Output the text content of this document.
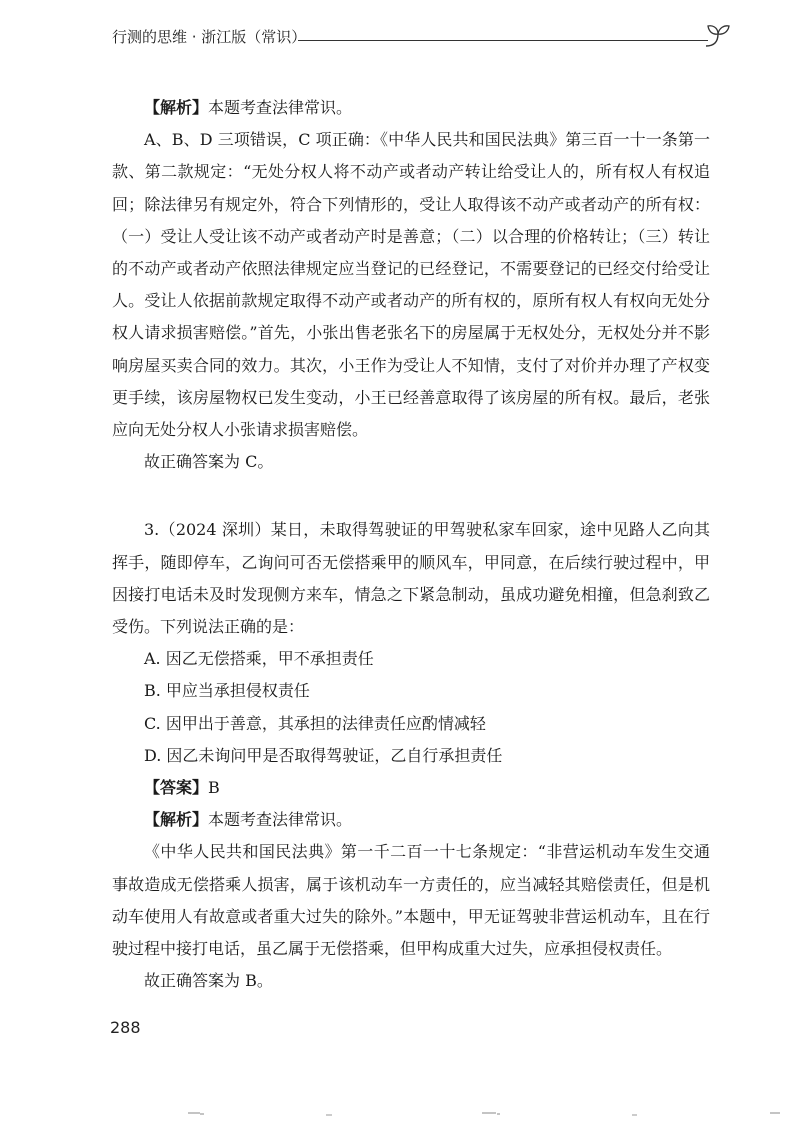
行测的思维 · 浙江版（常识）

【解析】本题考查法律常识。

A、B、D 三项错误，C 项正确：《中华人民共和国民法典》第三百一十一条第一款、第二款规定：“无处分权人将不动产或者动产转让给受让人的，所有权人有权追回；除法律另有规定外，符合下列情形的，受让人取得该不动产或者动产的所有权：（一）受让人受让该不动产或者动产时是善意；（二）以合理的价格转让；（三）转让的不动产或者动产依照法律规定应当登记的已经登记，不需要登记的已经交付给受让人。受让人依据前款规定取得不动产或者动产的所有权的，原所有权人有权向无处分权人请求损害赔偿。”首先，小张出售老张名下的房屋属于无权处分，无权处分并不影响房屋买卖合同的效力。其次，小王作为受让人不知情，支付了对价并办理了产权变更手续，该房屋物权已发生变动，小王已经善意取得了该房屋的所有权。最后，老张应向无处分权人小张请求损害赔偿。

故正确答案为 C。

3.（2024 深圳）某日，未取得驾驶证的甲驾驶私家车回家，途中见路人乙向其挥手，随即停车，乙询问可否无偿搭乘甲的顺风车，甲同意，在后续行驶过程中，甲因接打电话未及时发现侧方来车，情急之下紧急制动，虽成功避免相撞，但急刹致乙受伤。下列说法正确的是：

A. 因乙无偿搭乘，甲不承担责任

B. 甲应当承担侵权责任

C. 因甲出于善意，其承担的法律责任应酌情减轻

D. 因乙未询问甲是否取得驾驶证，乙自行承担责任

【答案】B

【解析】本题考查法律常识。

《中华人民共和国民法典》第一千二百一十七条规定：“非营运机动车发生交通事故造成无偿搭乘人损害，属于该机动车一方责任的，应当减轻其赔偿责任，但是机动车使用人有故意或者重大过失的除外。”本题中，甲无证驾驶非营运机动车，且在行驶过程中接打电话，虽乙属于无偿搭乘，但甲构成重大过失，应承担侵权责任。

故正确答案为 B。

288
